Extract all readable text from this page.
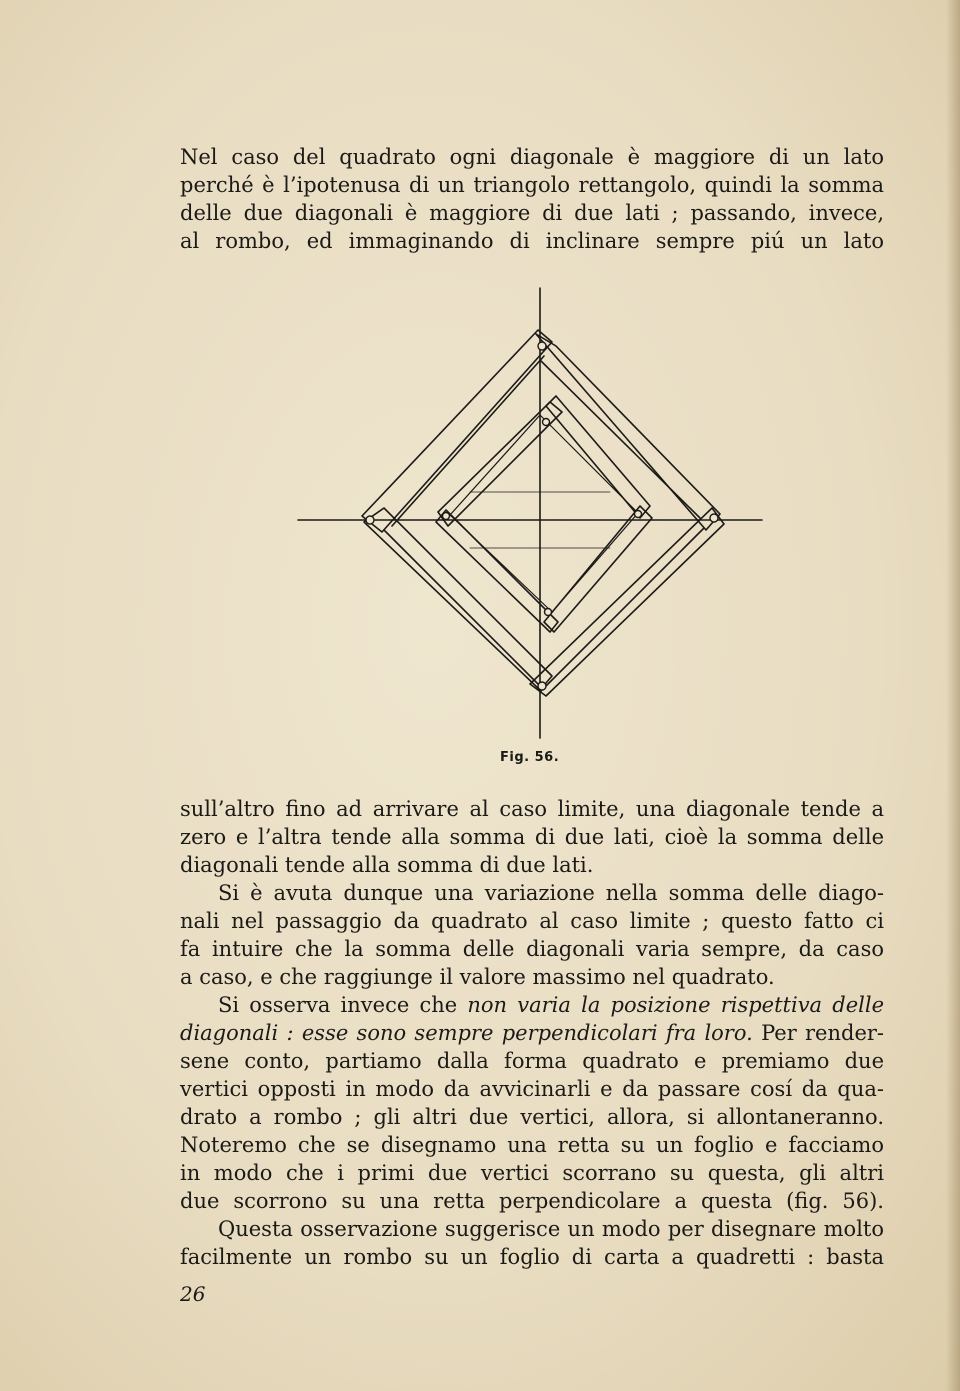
Nel caso del quadrato ogni diagonale è maggiore di un lato
perché è l’ipotenusa di un triangolo rettangolo, quindi la somma
delle due diagonali è maggiore di due lati ; passando, invece,
al rombo, ed immaginando di inclinare sempre piú un lato
Fig. 56.
sull’altro fino ad arrivare al caso limite, una diagonale tende a
zero e l’altra tende alla somma di due lati, cioè la somma delle
diagonali tende alla somma di due lati.
Si è avuta dunque una variazione nella somma delle diago-
nali nel passaggio da quadrato al caso limite ; questo fatto ci
fa intuire che la somma delle diagonali varia sempre, da caso
a caso, e che raggiunge il valore massimo nel quadrato.
Si osserva invece che non varia la posizione rispettiva delle
diagonali : esse sono sempre perpendicolari fra loro. Per render-
sene conto, partiamo dalla forma quadrato e premiamo due
vertici opposti in modo da avvicinarli e da passare cosí da qua-
drato a rombo ; gli altri due vertici, allora, si allontaneranno.
Noteremo che se disegnamo una retta su un foglio e facciamo
in modo che i primi due vertici scorrano su questa, gli altri
due scorrono su una retta perpendicolare a questa (fig. 56).
Questa osservazione suggerisce un modo per disegnare molto
facilmente un rombo su un foglio di carta a quadretti : basta
26
